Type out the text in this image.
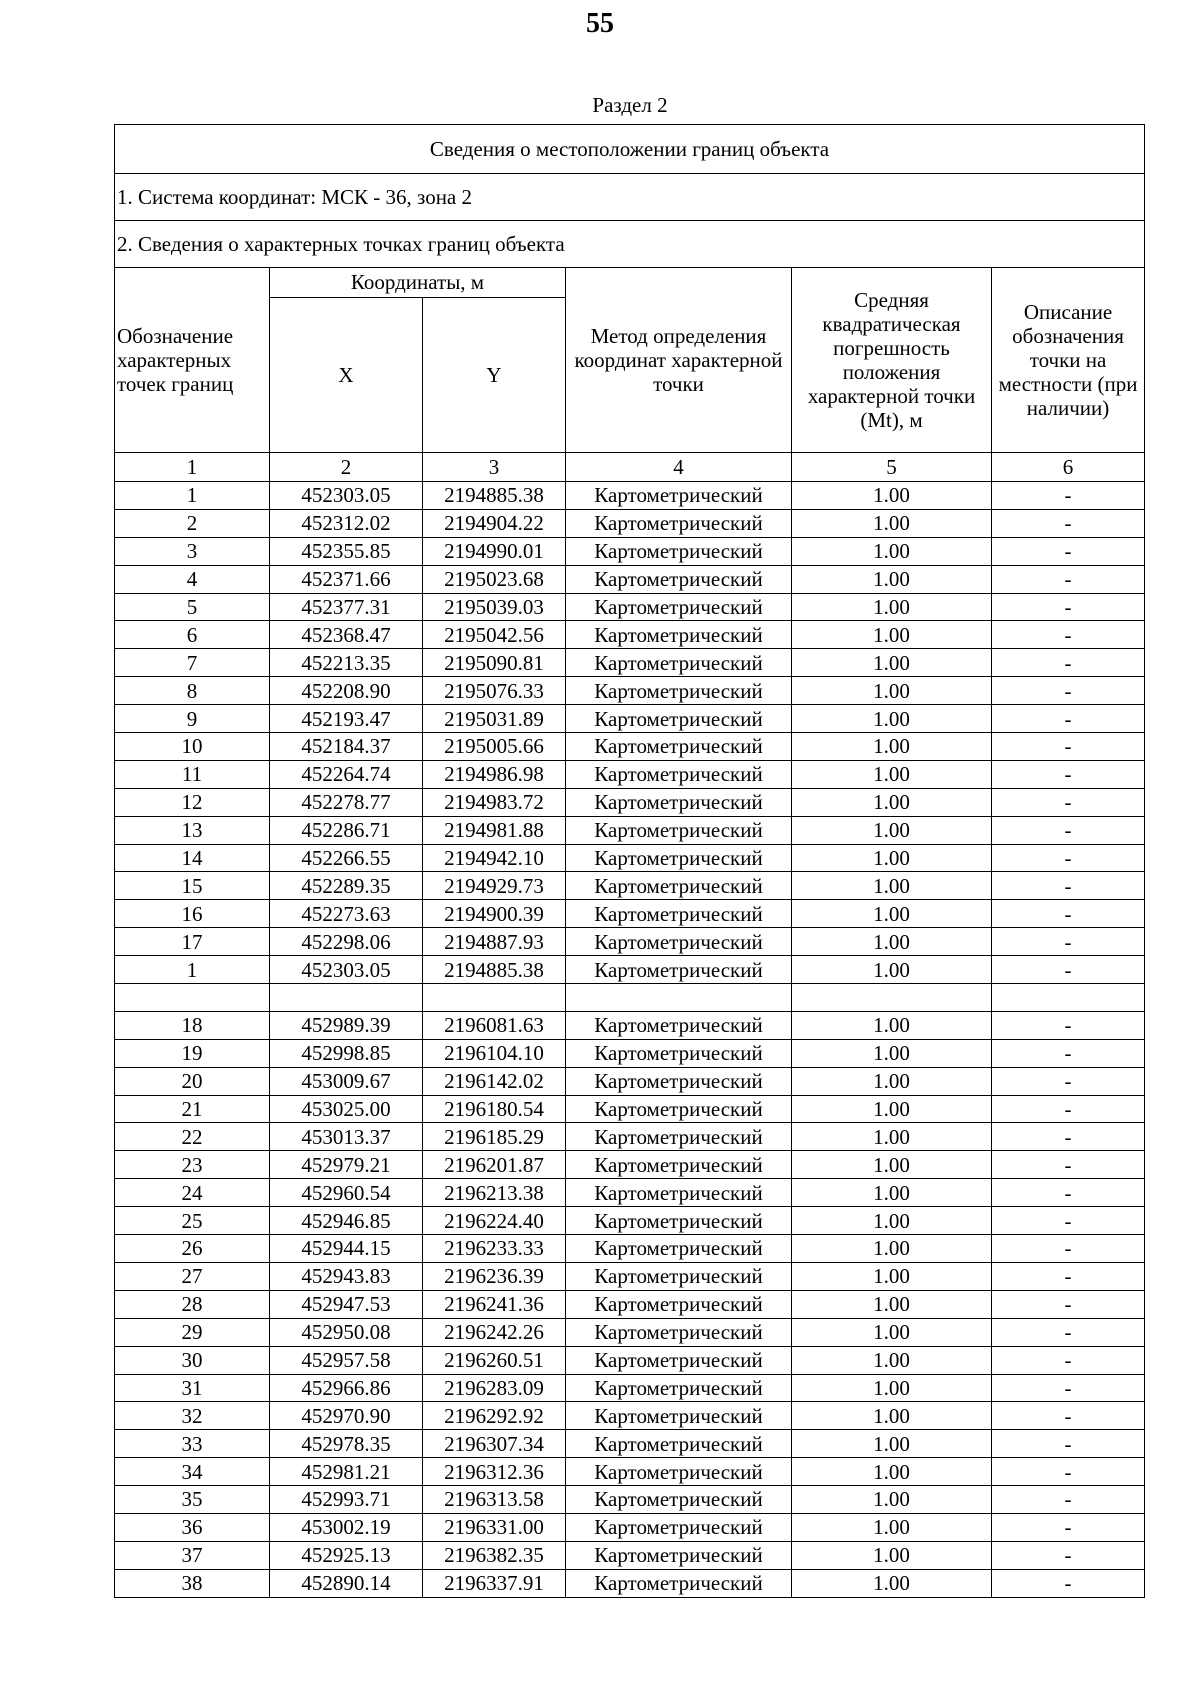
55
Раздел 2
Сведения о местоположении границ объекта					
1. Система координат: МСК - 36, зона 2					
2. Сведения о характерных точках границ объекта					
Обозначение характерных точек границ	Координаты, м		Метод определения координат характерной точки	Средняя квадратическая погрешность положения характерной точки (Mt), м	Описание обозначения точки на местности (при наличии)
	X	Y			
1	2	3	4	5	6
1	452303.05	2194885.38	Картометрический	1.00	-
2	452312.02	2194904.22	Картометрический	1.00	-
3	452355.85	2194990.01	Картометрический	1.00	-
4	452371.66	2195023.68	Картометрический	1.00	-
5	452377.31	2195039.03	Картометрический	1.00	-
6	452368.47	2195042.56	Картометрический	1.00	-
7	452213.35	2195090.81	Картометрический	1.00	-
8	452208.90	2195076.33	Картометрический	1.00	-
9	452193.47	2195031.89	Картометрический	1.00	-
10	452184.37	2195005.66	Картометрический	1.00	-
11	452264.74	2194986.98	Картометрический	1.00	-
12	452278.77	2194983.72	Картометрический	1.00	-
13	452286.71	2194981.88	Картометрический	1.00	-
14	452266.55	2194942.10	Картометрический	1.00	-
15	452289.35	2194929.73	Картометрический	1.00	-
16	452273.63	2194900.39	Картометрический	1.00	-
17	452298.06	2194887.93	Картометрический	1.00	-
1	452303.05	2194885.38	Картометрический	1.00	-

18	452989.39	2196081.63	Картометрический	1.00	-
19	452998.85	2196104.10	Картометрический	1.00	-
20	453009.67	2196142.02	Картометрический	1.00	-
21	453025.00	2196180.54	Картометрический	1.00	-
22	453013.37	2196185.29	Картометрический	1.00	-
23	452979.21	2196201.87	Картометрический	1.00	-
24	452960.54	2196213.38	Картометрический	1.00	-
25	452946.85	2196224.40	Картометрический	1.00	-
26	452944.15	2196233.33	Картометрический	1.00	-
27	452943.83	2196236.39	Картометрический	1.00	-
28	452947.53	2196241.36	Картометрический	1.00	-
29	452950.08	2196242.26	Картометрический	1.00	-
30	452957.58	2196260.51	Картометрический	1.00	-
31	452966.86	2196283.09	Картометрический	1.00	-
32	452970.90	2196292.92	Картометрический	1.00	-
33	452978.35	2196307.34	Картометрический	1.00	-
34	452981.21	2196312.36	Картометрический	1.00	-
35	452993.71	2196313.58	Картометрический	1.00	-
36	453002.19	2196331.00	Картометрический	1.00	-
37	452925.13	2196382.35	Картометрический	1.00	-
38	452890.14	2196337.91	Картометрический	1.00	-
